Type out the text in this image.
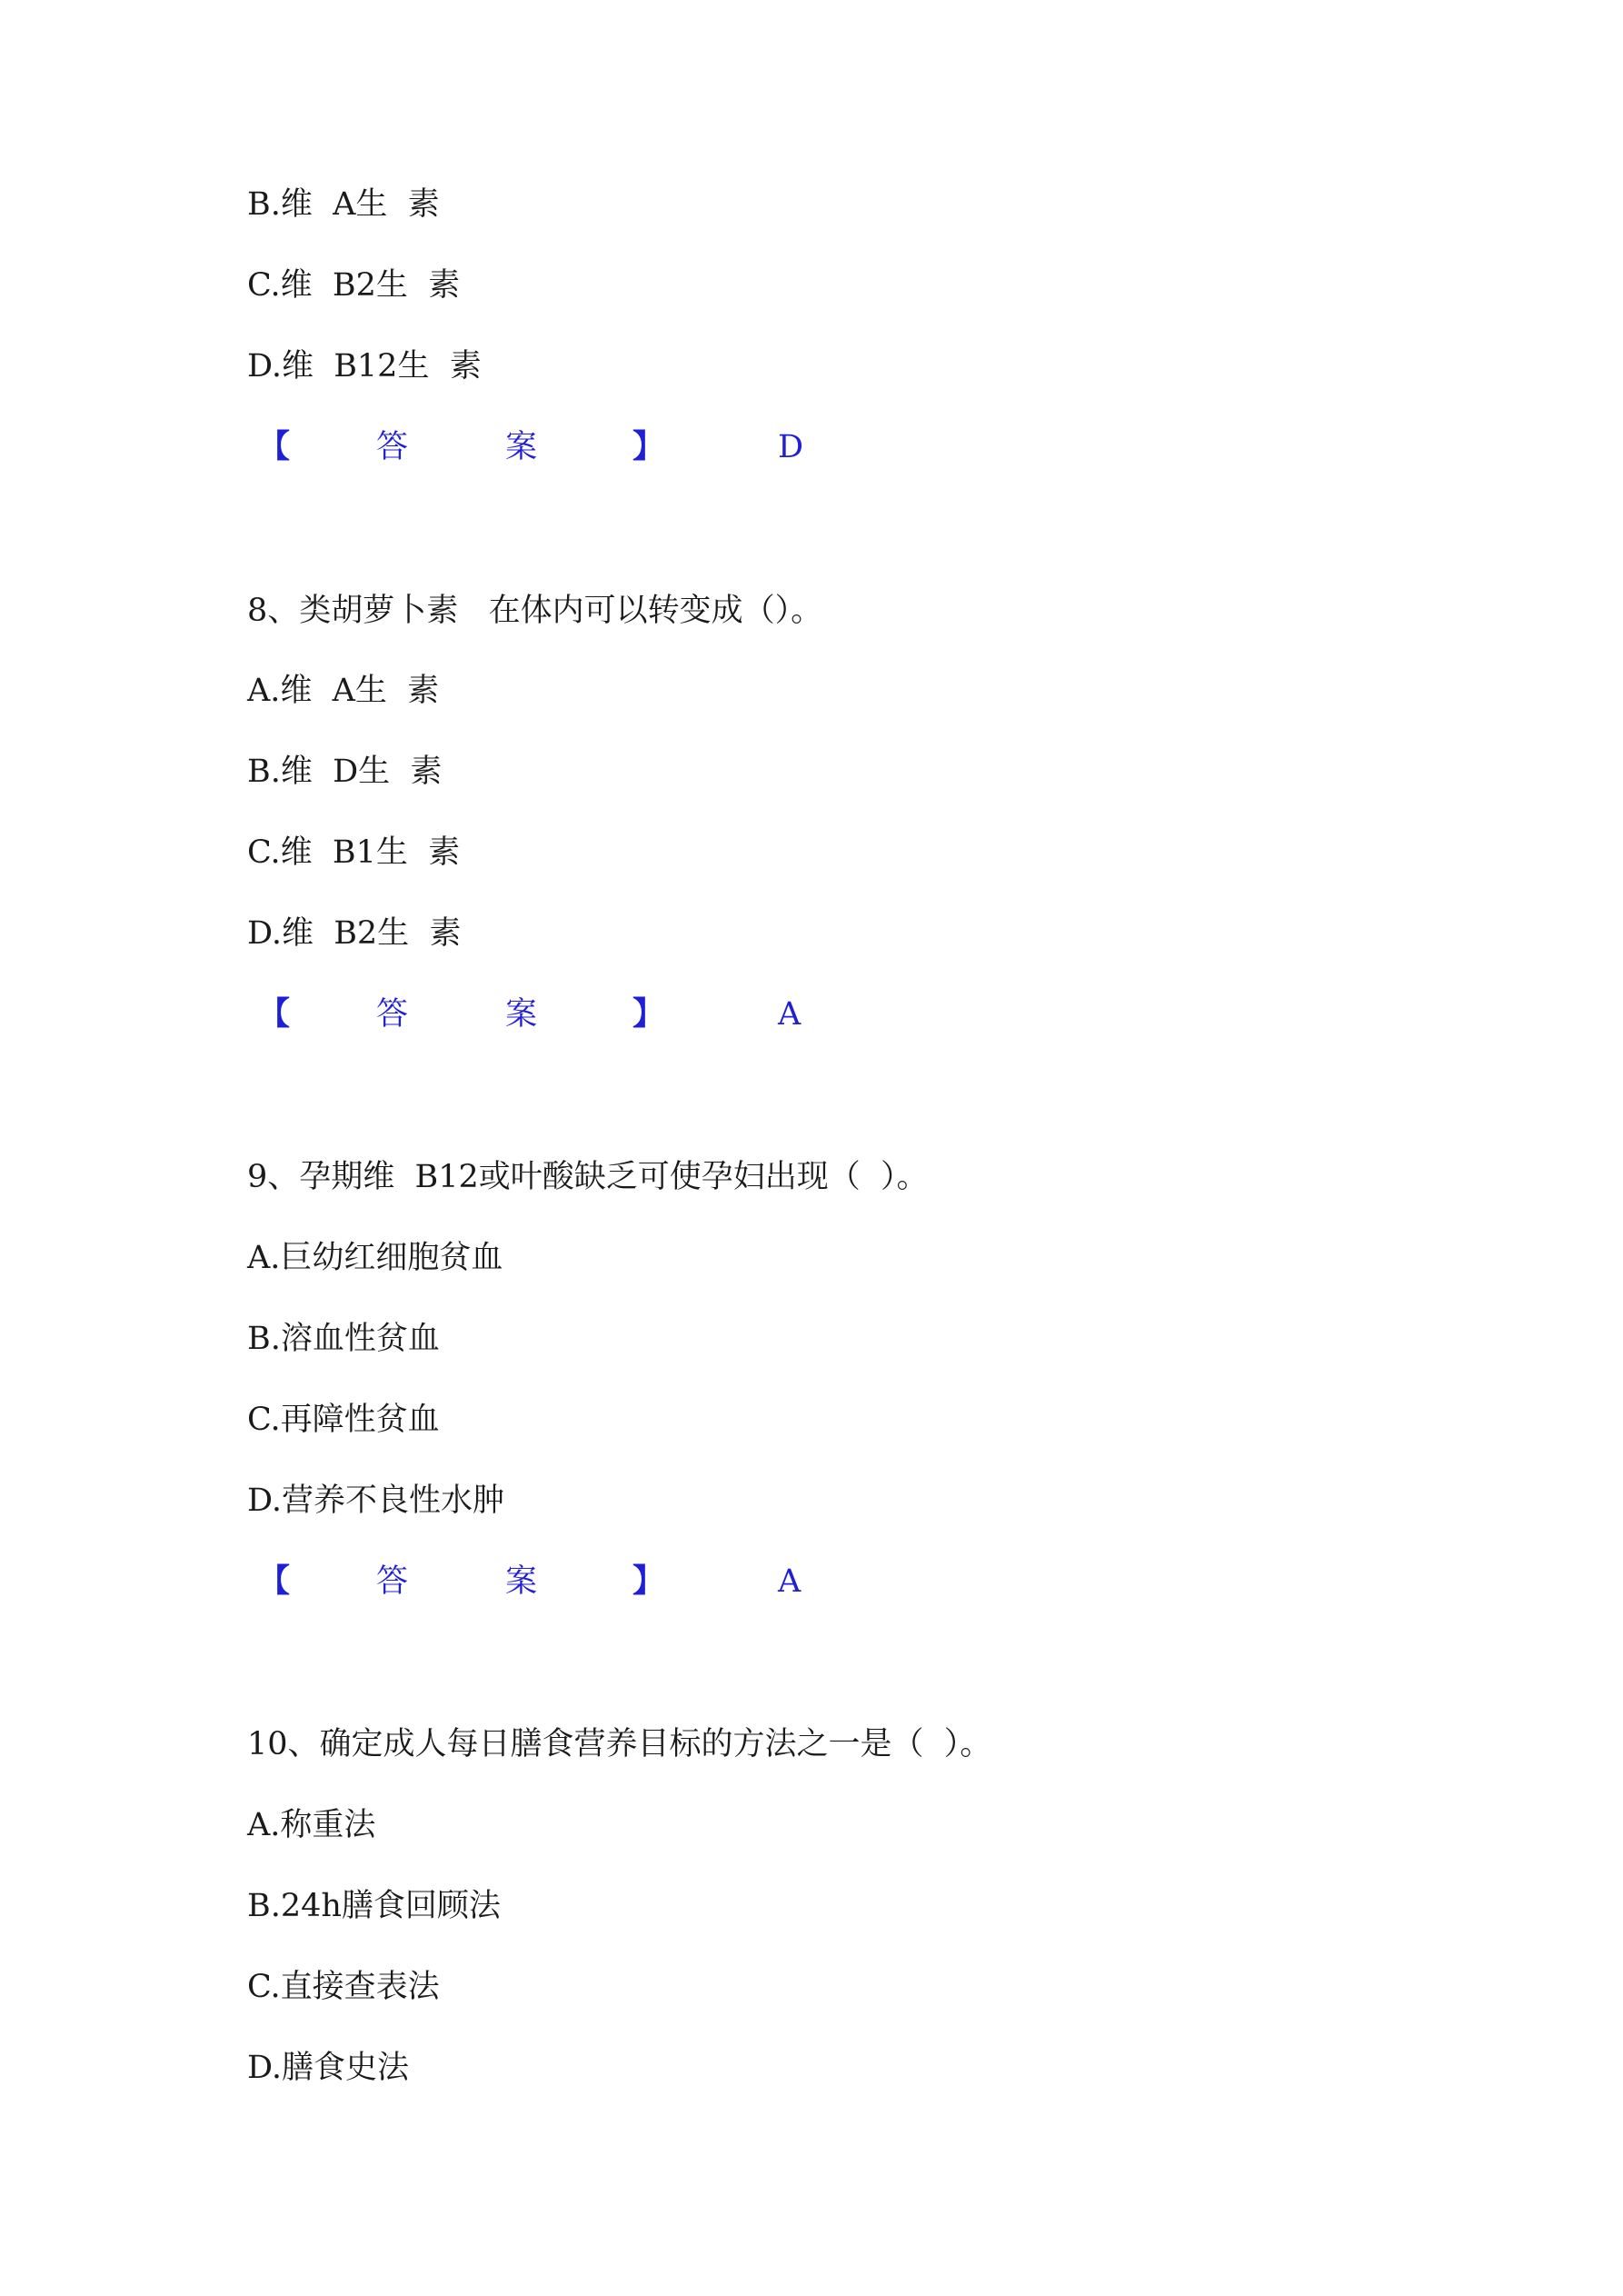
B.维  A生  素
C.维  B2生  素
D.维  B12生  素

【

	答

	案

	】

	D

8、类胡萝卜素   在体内可以转变成（）。
A.维  A生  素
B.维  D生  素
C.维  B1生  素
D.维  B2生  素

【

	答

	案

	】

	A

9、孕期维  B12或叶酸缺乏可使孕妇出现（  ）。
A.巨幼红细胞贫血
B.溶血性贫血
C.再障性贫血
D.营养不良性水肿

【

	答

	案

	】

	A

10、确定成人每日膳食营养目标的方法之一是（  ）。
A.称重法
B.24h膳食回顾法
C.直接查表法
D.膳食史法
